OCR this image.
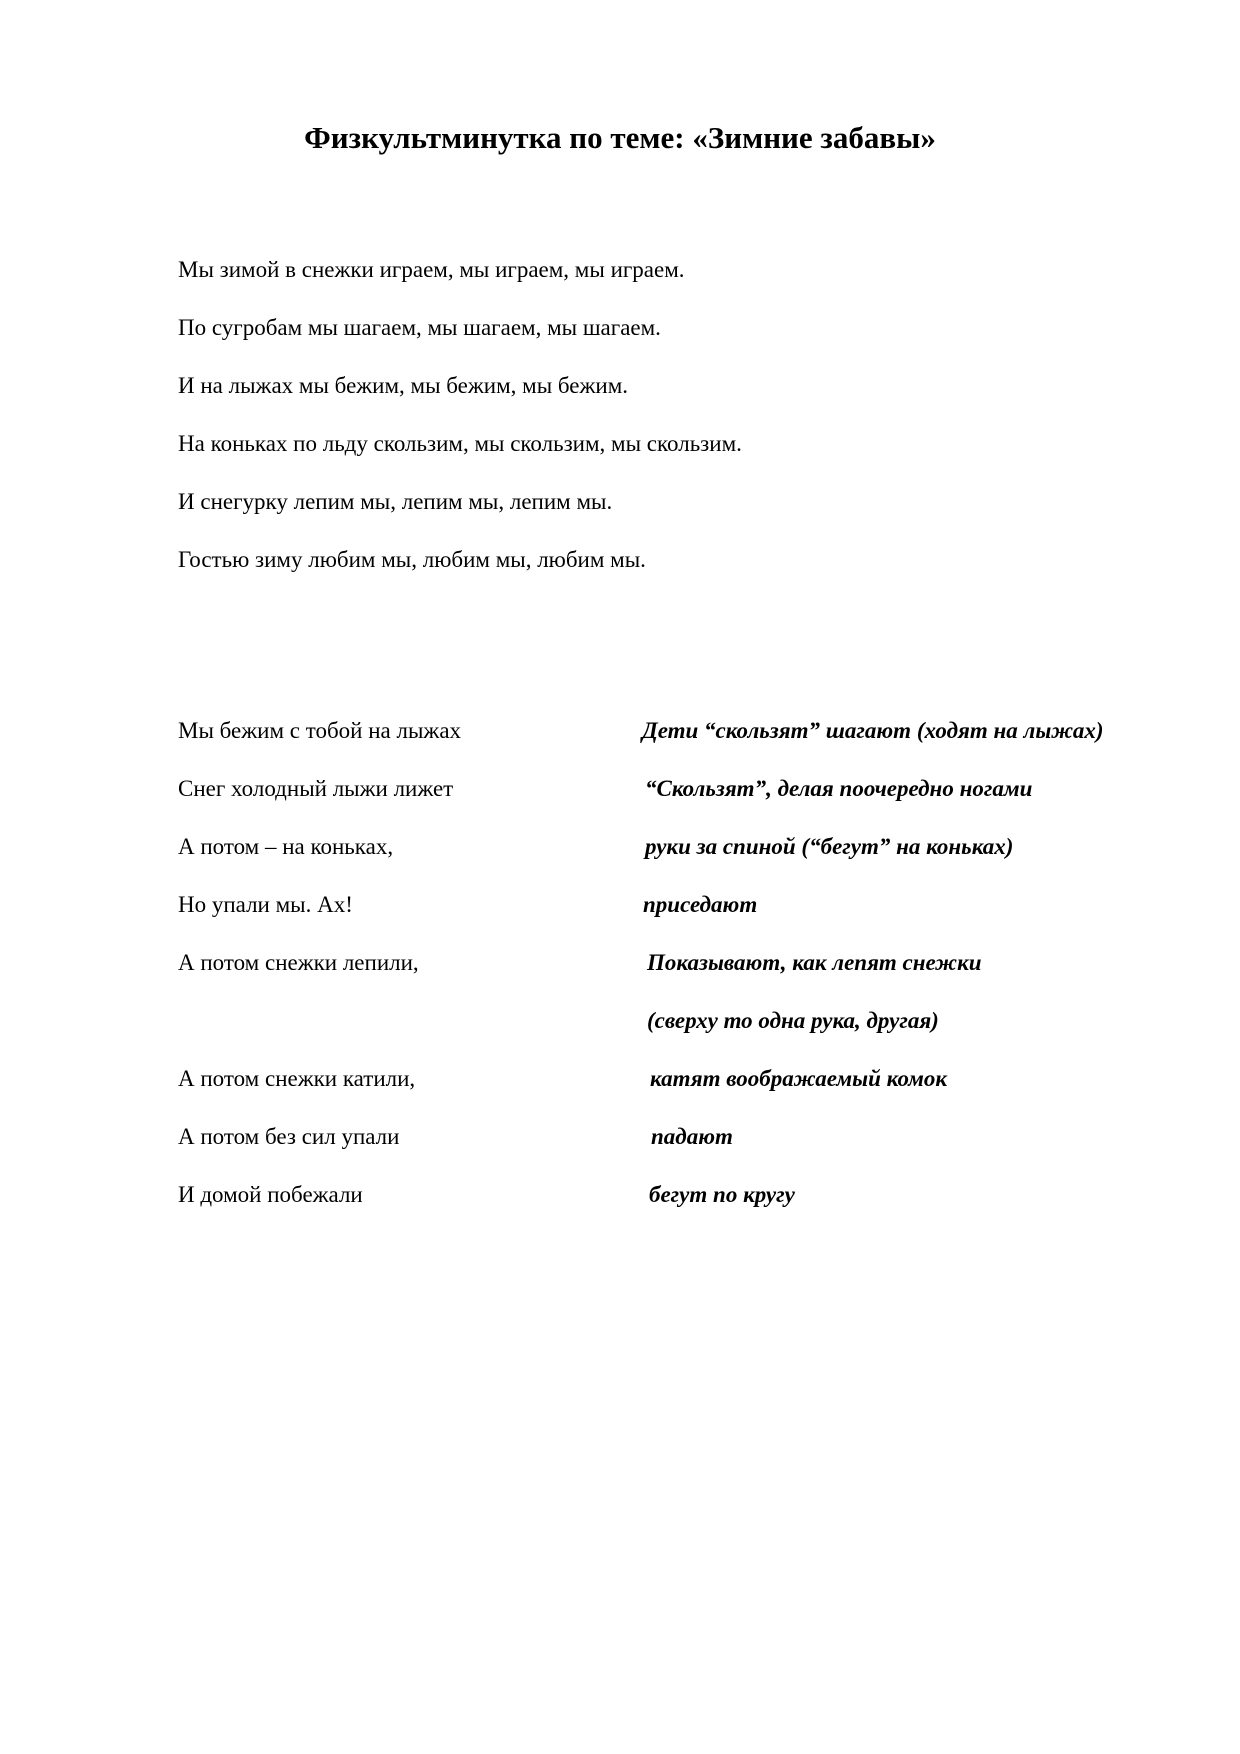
Физкультминутка по теме: «Зимние забавы»
Мы зимой в снежки играем, мы играем, мы играем.
По сугробам мы шагаем, мы шагаем, мы шагаем.
И на лыжах мы бежим, мы бежим, мы бежим.
На коньках по льду скользим, мы скользим, мы скользим.
И снегурку лепим мы, лепим мы, лепим мы.
Гостью зиму любим мы, любим мы, любим мы.
Мы бежим с тобой на лыжах	Дети “скользят” шагают (ходят на лыжах)
Снег холодный лыжи лижет	“Скользят”, делая поочередно ногами
А потом – на коньках,	руки за спиной (“бегут” на коньках)
Но упали мы. Ах!	приседают
А потом снежки лепили,	Показывают, как лепят снежки
(сверху то одна рука, другая)
А потом снежки катили,	катят воображаемый комок
А потом без сил упали	падают
И домой побежали	бегут по кругу
